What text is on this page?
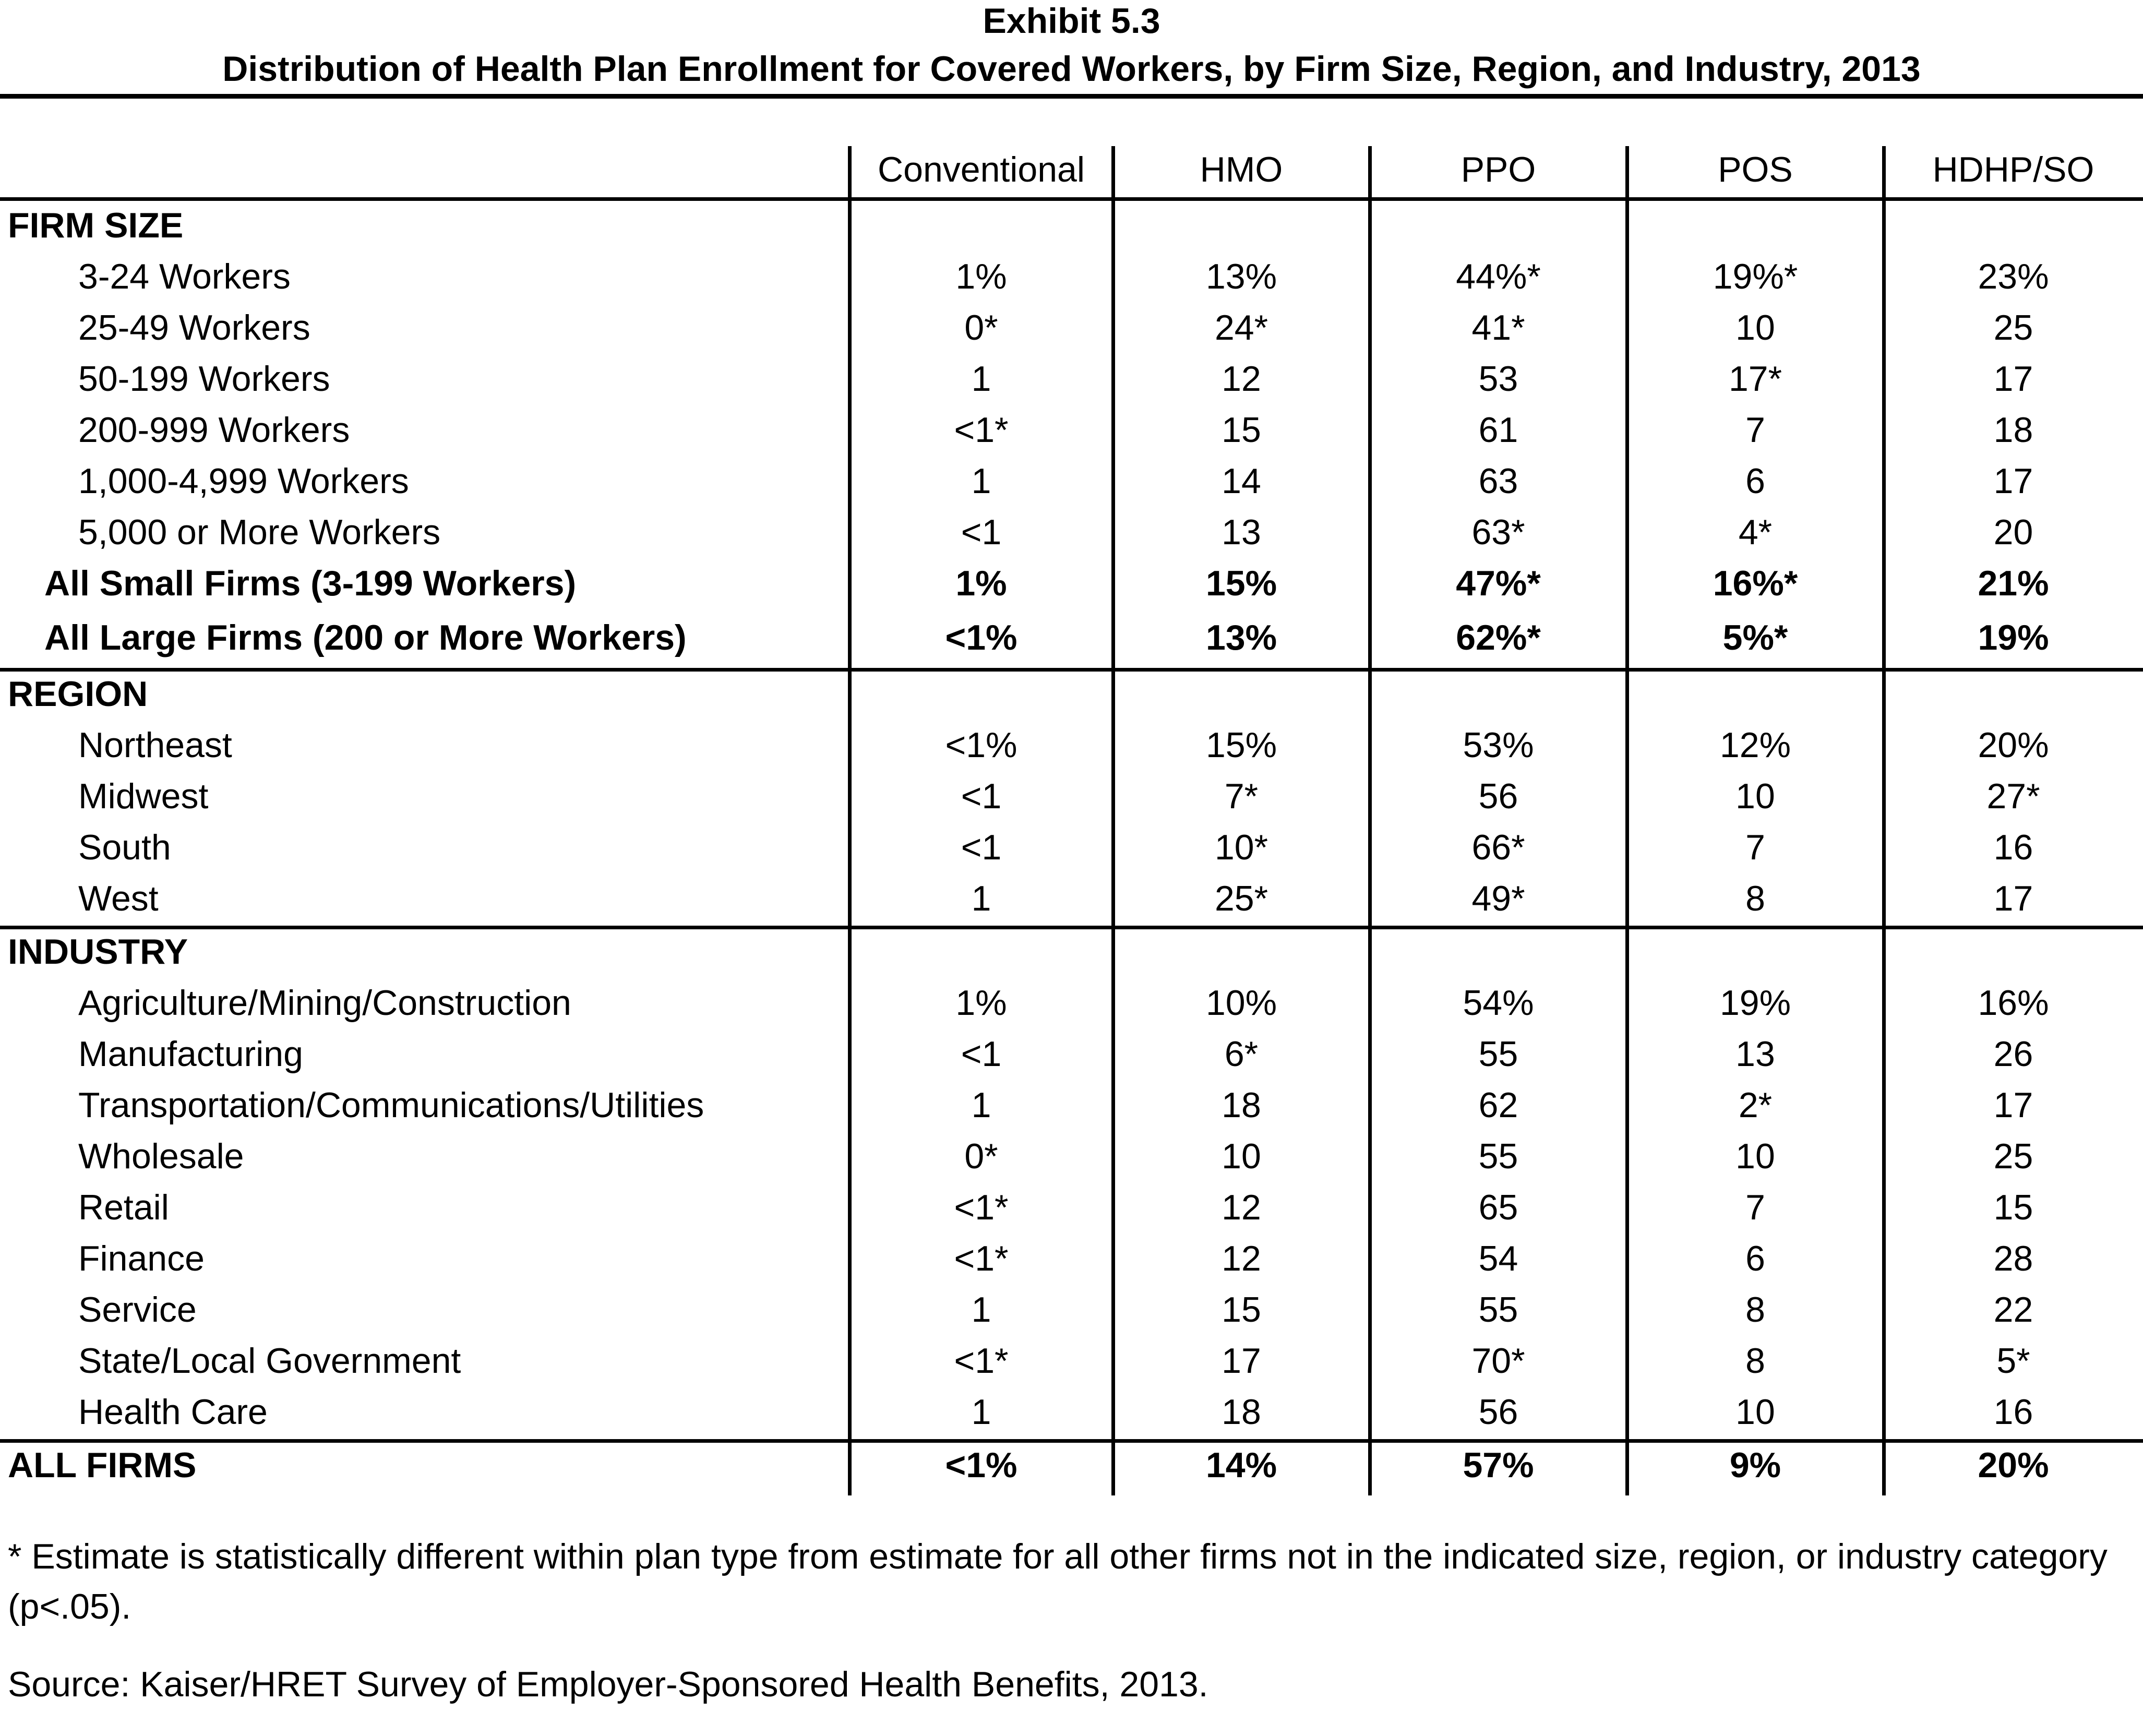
Exhibit 5.3
Distribution of Health Plan Enrollment for Covered Workers, by Firm Size, Region, and Industry, 2013
Conventional	HMO	PPO	POS	HDHP/SO
FIRM SIZE
3-24 Workers	1%	13%	44%*	19%*	23%
25-49 Workers	0*	24*	41*	10	25
50-199 Workers	1	12	53	17*	17
200-999 Workers	<1*	15	61	7	18
1,000-4,999 Workers	1	14	63	6	17
5,000 or More Workers	<1	13	63*	4*	20
All Small Firms (3-199 Workers)	1%	15%	47%*	16%*	21%
All Large Firms (200 or More Workers)	<1%	13%	62%*	5%*	19%
REGION
Northeast	<1%	15%	53%	12%	20%
Midwest	<1	7*	56	10	27*
South	<1	10*	66*	7	16
West	1	25*	49*	8	17
INDUSTRY
Agriculture/Mining/Construction	1%	10%	54%	19%	16%
Manufacturing	<1	6*	55	13	26
Transportation/Communications/Utilities	1	18	62	2*	17
Wholesale	0*	10	55	10	25
Retail	<1*	12	65	7	15
Finance	<1*	12	54	6	28
Service	1	15	55	8	22
State/Local Government	<1*	17	70*	8	5*
Health Care	1	18	56	10	16
ALL FIRMS	<1%	14%	57%	9%	20%
* Estimate is statistically different within plan type from estimate for all other firms not in the indicated size, region, or industry category (p<.05).
Source: Kaiser/HRET Survey of Employer-Sponsored Health Benefits, 2013.
